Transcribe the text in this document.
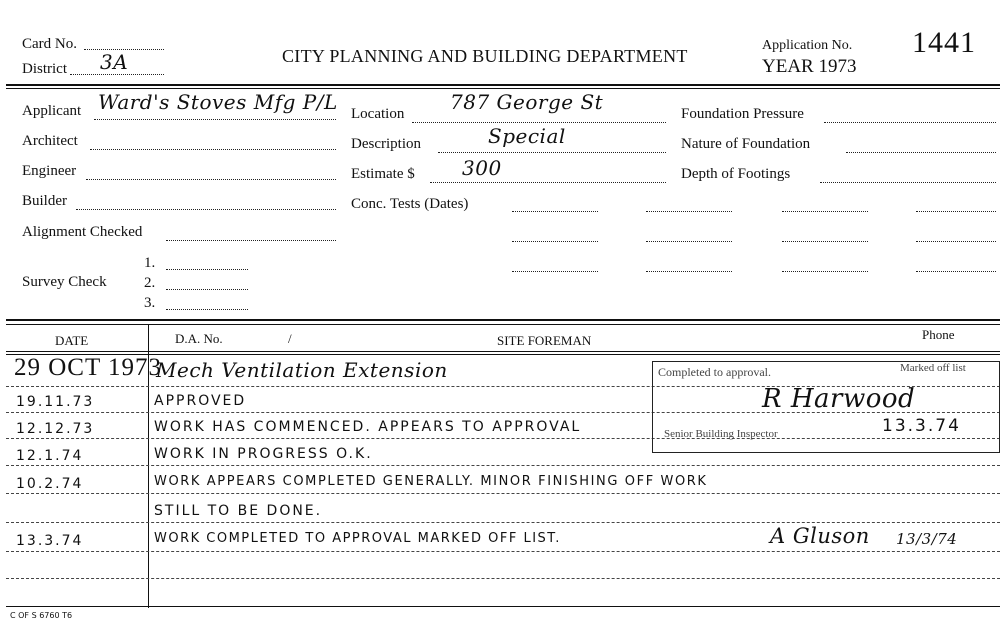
Card No.
District 3A	CITY PLANNING AND BUILDING DEPARTMENT
Application No.
YEAR 1973
1441
Applicant Ward's Stoves Mfg P/L
Architect
Engineer
Builder
Alignment Checked
Survey Check
1.
2.
3.
Location 787 George St
Description	Special
Estimate $ 300
Conc. Tests (Dates)
Foundation Pressure
Nature of Foundation
Depth of Footings
DATE	D.A. No.	/	SITE FOREMAN	Phone
29 OCT 1973
Mech Ventilation Extension
19.11.73	APPROVED
12.12.73	WORK HAS COMMENCED. APPEARS TO APPROVAL
12.1.74	WORK IN PROGRESS O.K.
10.2.74	WORK APPEARS COMPLETED GENERALLY. MINOR FINISHING OFF WORK
STILL TO BE DONE.
13.3.74	WORK COMPLETED TO APPROVAL MARKED OFF LIST.	A Gluson 13/3/74
Completed to approval.	Marked off list
R Harwood
13.3.74
Senior Building Inspector
C OF S 6760 T6
